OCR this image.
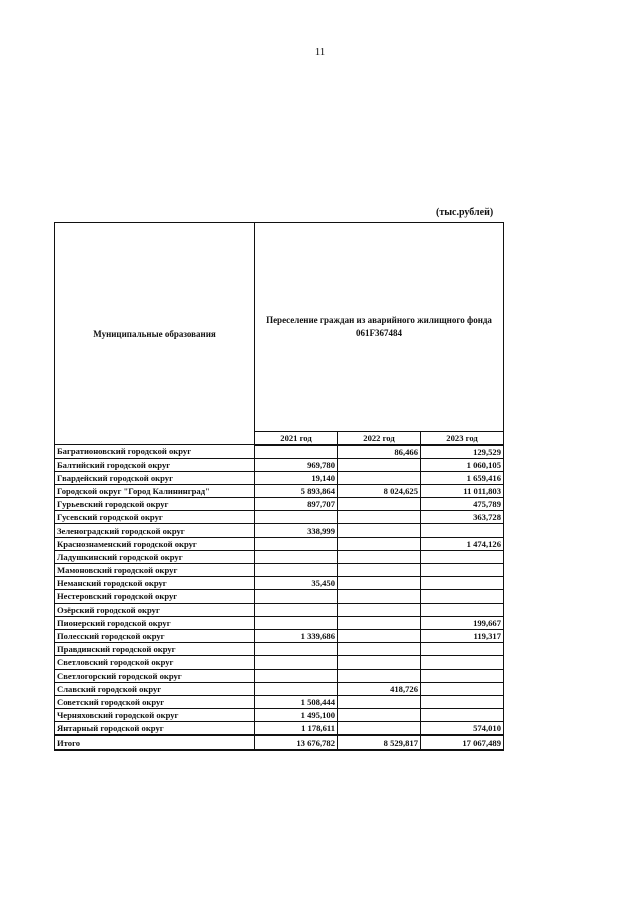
11
(тыс.рублей)
Муниципальные образования	Переселение граждан из аварийного жилищного фонда 061F367484		
	2021 год	2022 год	2023 год
Багратионовский городской округ		86,466	129,529
Балтийский городской округ	969,780		1 060,105
Гвардейский городской округ	19,140		1 659,416
Городской округ "Город Калининград"	5 893,864	8 024,625	11 011,803
Гурьевский городской округ	897,707		475,789
Гусевский городской округ			363,728
Зеленоградский городской округ	338,999		
Краснознаменский городской округ			1 474,126
Ладушкинский городской округ			
Мамоновский городской округ			
Неманский городской округ	35,450		
Нестеровский городской округ			
Озёрский городской округ			
Пионерский городской округ			199,667
Полесский городской округ	1 339,686		119,317
Правдинский городской округ			
Светловский городской округ			
Светлогорский городской округ			
Славский городской округ		418,726	
Советский городской округ	1 508,444		
Черняховский городской округ	1 495,100		
Янтарный городской округ	1 178,611		574,010
Итого	13 676,782	8 529,817	17 067,489
